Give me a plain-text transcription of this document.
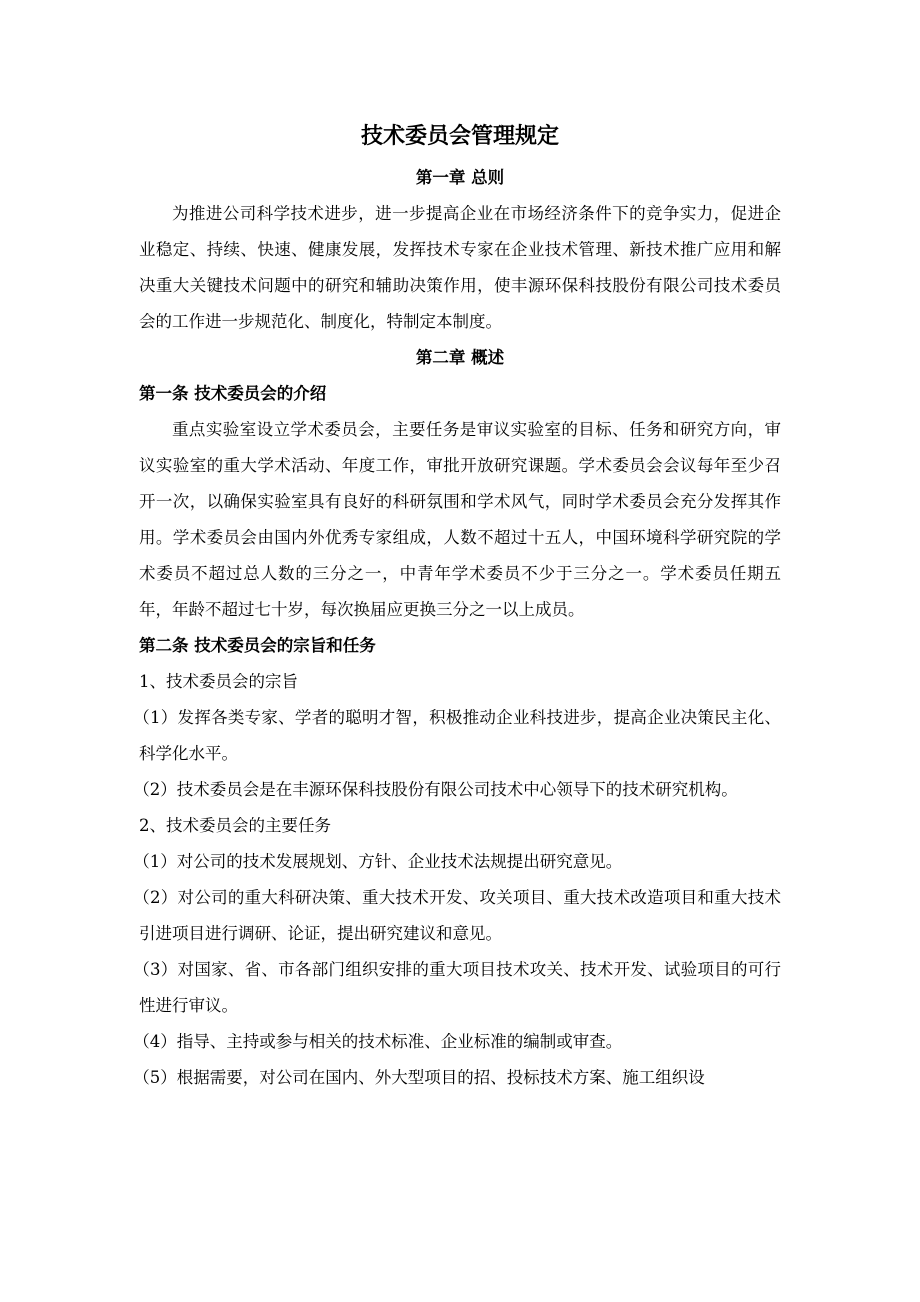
技术委员会管理规定
第一章 总则

为推进公司科学技术进步，进一步提高企业在市场经济条件下的竞争实力，促进企业稳定、持续、快速、健康发展，发挥技术专家在企业技术管理、新技术推广应用和解决重大关键技术问题中的研究和辅助决策作用，使丰源环保科技股份有限公司技术委员会的工作进一步规范化、制度化，特制定本制度。

第二章 概述
第一条 技术委员会的介绍

重点实验室设立学术委员会，主要任务是审议实验室的目标、任务和研究方向，审议实验室的重大学术活动、年度工作，审批开放研究课题。学术委员会会议每年至少召开一次，以确保实验室具有良好的科研氛围和学术风气，同时学术委员会充分发挥其作用。学术委员会由国内外优秀专家组成，人数不超过十五人，中国环境科学研究院的学术委员不超过总人数的三分之一，中青年学术委员不少于三分之一。学术委员任期五年，年龄不超过七十岁，每次换届应更换三分之一以上成员。

第二条 技术委员会的宗旨和任务

1、技术委员会的宗旨

（1）发挥各类专家、学者的聪明才智，积极推动企业科技进步，提高企业决策民主化、科学化水平。

（2）技术委员会是在丰源环保科技股份有限公司技术中心领导下的技术研究机构。

2、技术委员会的主要任务

（1）对公司的技术发展规划、方针、企业技术法规提出研究意见。

（2）对公司的重大科研决策、重大技术开发、攻关项目、重大技术改造项目和重大技术引进项目进行调研、论证，提出研究建议和意见。

（3）对国家、省、市各部门组织安排的重大项目技术攻关、技术开发、试验项目的可行性进行审议。

（4）指导、主持或参与相关的技术标准、企业标准的编制或审查。

（5）根据需要，对公司在国内、外大型项目的招、投标技术方案、施工组织设
